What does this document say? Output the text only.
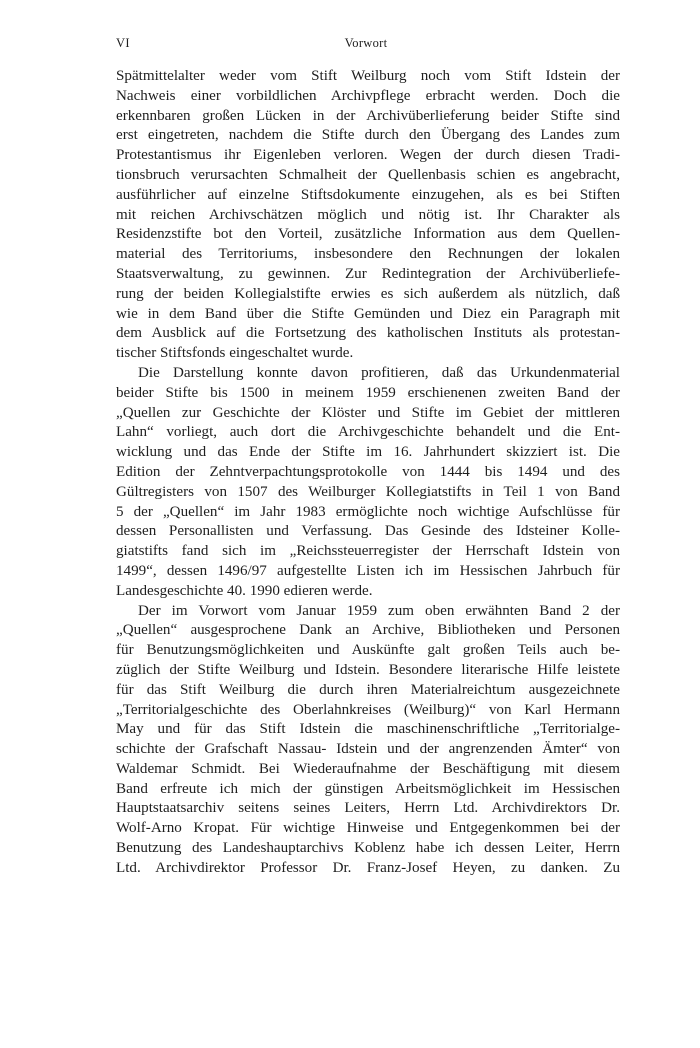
VI	Vorwort
Spätmittelalter weder vom Stift Weilburg noch vom Stift Idstein der
Nachweis einer vorbildlichen Archivpflege erbracht werden. Doch die
erkennbaren großen Lücken in der Archivüberlieferung beider Stifte sind
erst eingetreten, nachdem die Stifte durch den Übergang des Landes zum
Protestantismus ihr Eigenleben verloren. Wegen der durch diesen Tradi-
tionsbruch verursachten Schmalheit der Quellenbasis schien es angebracht,
ausführlicher auf einzelne Stiftsdokumente einzugehen, als es bei Stiften
mit reichen Archivschätzen möglich und nötig ist. Ihr Charakter als
Residenzstifte bot den Vorteil, zusätzliche Information aus dem Quellen-
material des Territoriums, insbesondere den Rechnungen der lokalen
Staatsverwaltung, zu gewinnen. Zur Redintegration der Archivüberliefe-
rung der beiden Kollegialstifte erwies es sich außerdem als nützlich, daß
wie in dem Band über die Stifte Gemünden und Diez ein Paragraph mit
dem Ausblick auf die Fortsetzung des katholischen Instituts als protestan-
tischer Stiftsfonds eingeschaltet wurde.
Die Darstellung konnte davon profitieren, daß das Urkundenmaterial
beider Stifte bis 1500 in meinem 1959 erschienenen zweiten Band der
„Quellen zur Geschichte der Klöster und Stifte im Gebiet der mittleren
Lahn“ vorliegt, auch dort die Archivgeschichte behandelt und die Ent-
wicklung und das Ende der Stifte im 16. Jahrhundert skizziert ist. Die
Edition der Zehntverpachtungsprotokolle von 1444 bis 1494 und des
Gültregisters von 1507 des Weilburger Kollegiatstifts in Teil 1 von Band
5 der „Quellen“ im Jahr 1983 ermöglichte noch wichtige Aufschlüsse für
dessen Personallisten und Verfassung. Das Gesinde des Idsteiner Kolle-
giatstifts fand sich im „Reichssteuerregister der Herrschaft Idstein von
1499“, dessen 1496/97 aufgestellte Listen ich im Hessischen Jahrbuch für
Landesgeschichte 40. 1990 edieren werde.
Der im Vorwort vom Januar 1959 zum oben erwähnten Band 2 der
„Quellen“ ausgesprochene Dank an Archive, Bibliotheken und Personen
für Benutzungsmöglichkeiten und Auskünfte galt großen Teils auch be-
züglich der Stifte Weilburg und Idstein. Besondere literarische Hilfe leistete
für das Stift Weilburg die durch ihren Materialreichtum ausgezeichnete
„Territorialgeschichte des Oberlahnkreises (Weilburg)“ von Karl Hermann
May und für das Stift Idstein die maschinenschriftliche „Territorialge-
schichte der Grafschaft Nassau- Idstein und der angrenzenden Ämter“ von
Waldemar Schmidt. Bei Wiederaufnahme der Beschäftigung mit diesem
Band erfreute ich mich der günstigen Arbeitsmöglichkeit im Hessischen
Hauptstaatsarchiv seitens seines Leiters, Herrn Ltd. Archivdirektors Dr.
Wolf-Arno Kropat. Für wichtige Hinweise und Entgegenkommen bei der
Benutzung des Landeshauptarchivs Koblenz habe ich dessen Leiter, Herrn
Ltd. Archivdirektor Professor Dr. Franz-Josef Heyen, zu danken. Zu
